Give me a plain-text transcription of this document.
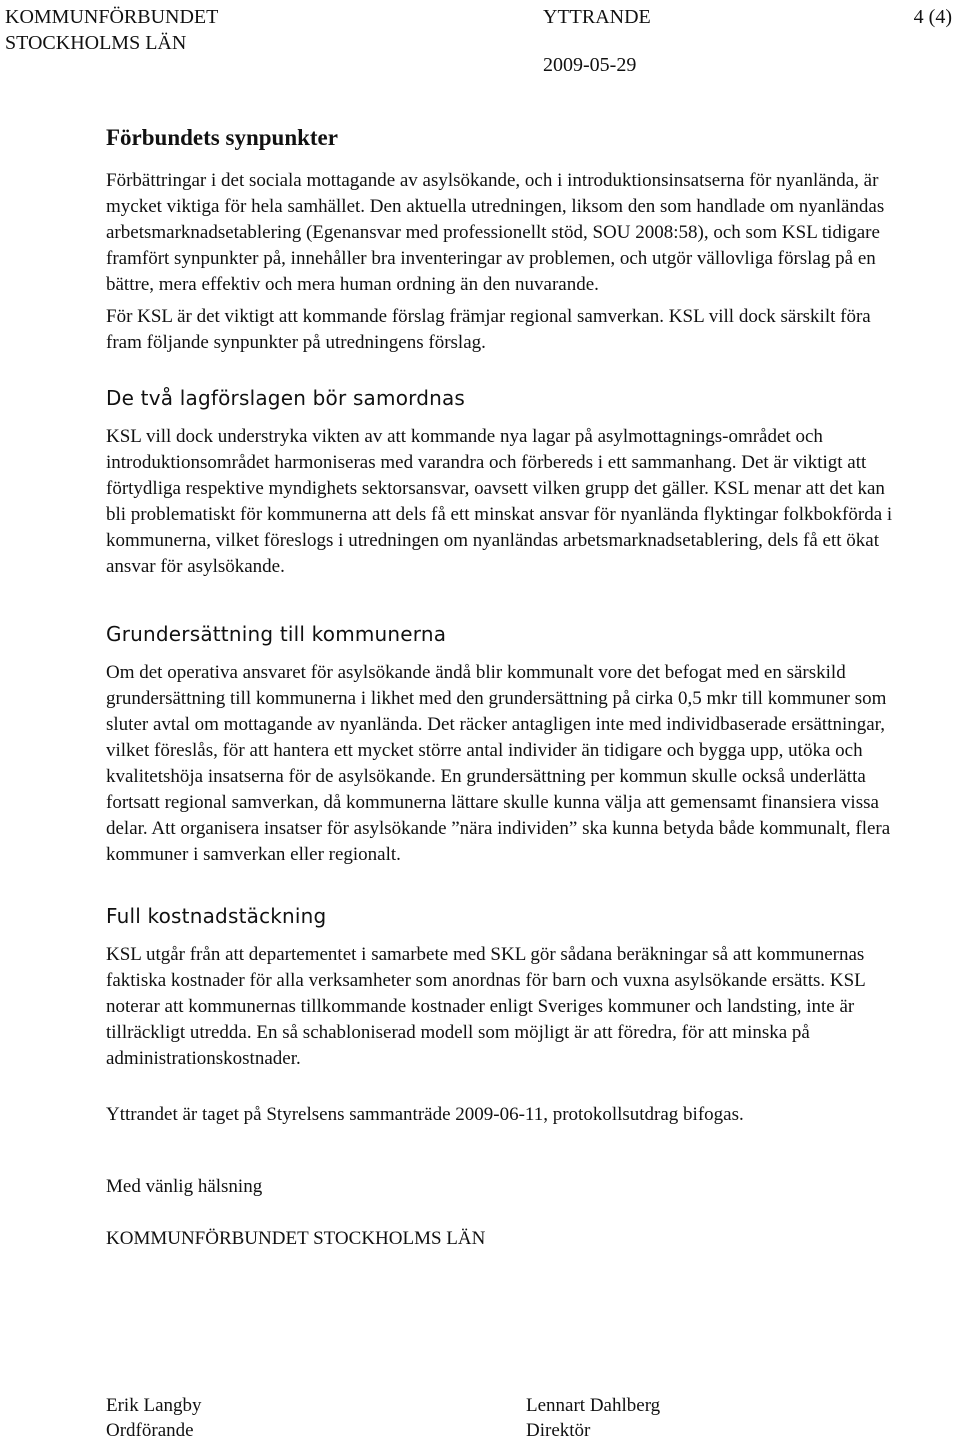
KOMMUNFÖRBUNDET
STOCKHOLMS LÄN
YTTRANDE
2009-05-29
4 (4)
Förbundets synpunkter

Förbättringar i det sociala mottagande av asylsökande, och i introduktionsinsatserna för nyanlända, är mycket viktiga för hela samhället. Den aktuella utredningen, liksom den som handlade om nyanländas arbetsmarknadsetablering (Egenansvar med professionellt stöd, SOU 2008:58), och som KSL tidigare framfört synpunkter på, innehåller bra inventeringar av problemen, och utgör vällovliga förslag på en bättre, mera effektiv och mera human ordning än den nuvarande.

För KSL är det viktigt att kommande förslag främjar regional samverkan. KSL vill dock särskilt föra fram följande synpunkter på utredningens förslag.

De två lagförslagen bör samordnas

KSL vill dock understryka vikten av att kommande nya lagar på asylmottagnings-området och introduktionsområdet harmoniseras med varandra och förbereds i ett sammanhang. Det är viktigt att förtydliga respektive myndighets sektorsansvar, oavsett vilken grupp det gäller. KSL menar att det kan bli problematiskt för kommunerna att dels få ett minskat ansvar för nyanlända flyktingar folkbokförda i kommunerna, vilket föreslogs i utredningen om nyanländas arbetsmarknadsetablering, dels få ett ökat ansvar för asylsökande.

Grundersättning till kommunerna

Om det operativa ansvaret för asylsökande ändå blir kommunalt vore det befogat med en särskild grundersättning till kommunerna i likhet med den grundersättning på cirka 0,5 mkr till kommuner som sluter avtal om mottagande av nyanlända. Det räcker antagligen inte med individbaserade ersättningar, vilket föreslås, för att hantera ett mycket större antal individer än tidigare och bygga upp, utöka och kvalitetshöja insatserna för de asylsökande. En grundersättning per kommun skulle också underlätta fortsatt regional samverkan, då kommunerna lättare skulle kunna välja att gemensamt finansiera vissa delar. Att organisera insatser för asylsökande ”nära individen” ska kunna betyda både kommunalt, flera kommuner i samverkan eller regionalt.

Full kostnadstäckning

KSL utgår från att departementet i samarbete med SKL gör sådana beräkningar så att kommunernas faktiska kostnader för alla verksamheter som anordnas för barn och vuxna asylsökande ersätts. KSL noterar att kommunernas tillkommande kostnader enligt Sveriges kommuner och landsting, inte är tillräckligt utredda. En så schabloniserad modell som möjligt är att föredra, för att minska på administrationskostnader.

Yttrandet är taget på Styrelsens sammanträde 2009-06-11, protokollsutdrag bifogas.

Med vänlig hälsning

KOMMUNFÖRBUNDET STOCKHOLMS LÄN

Erik Langby
Ordförande
Lennart Dahlberg
Direktör
